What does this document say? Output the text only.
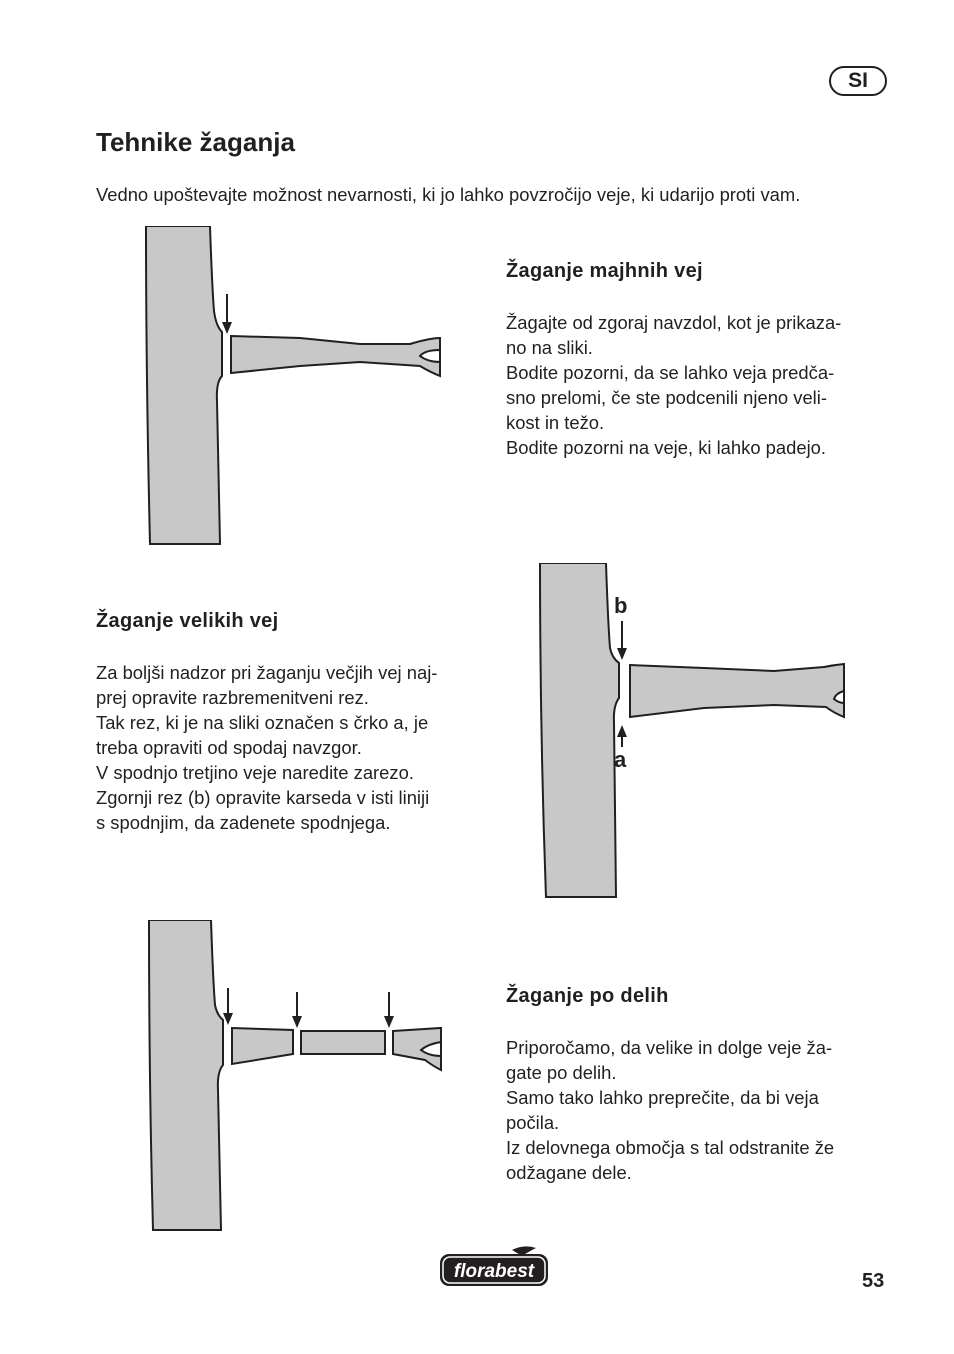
SI
Tehnike žaganja

Vedno upoštevajte možnost nevarnosti, ki jo lahko povzročijo veje, ki udarijo proti vam.

Žaganje majhnih vej

Žagajte od zgoraj navzdol, kot je prikaza-
no na sliki.
Bodite pozorni, da se lahko veja predča-
sno prelomi, če ste podcenili njeno veli-
kost in težo.
Bodite pozorni na veje, ki lahko padejo.

Žaganje velikih vej

Za boljši nadzor pri žaganju večjih vej naj-
prej opravite razbremenitveni rez.
Tak rez, ki je na sliki označen s črko a, je
treba opraviti od spodaj navzgor.
V spodnjo tretjino veje naredite zarezo.
Zgornji rez (b) opravite karseda v isti liniji
s spodnjim, da zadenete spodnjega.

b
a
Žaganje po delih

Priporočamo, da velike in dolge veje ža-
gate po delih.
Samo tako lahko preprečite, da bi veja
počila.
Iz delovnega območja s tal odstranite že
odžagane dele.

florabest	53
